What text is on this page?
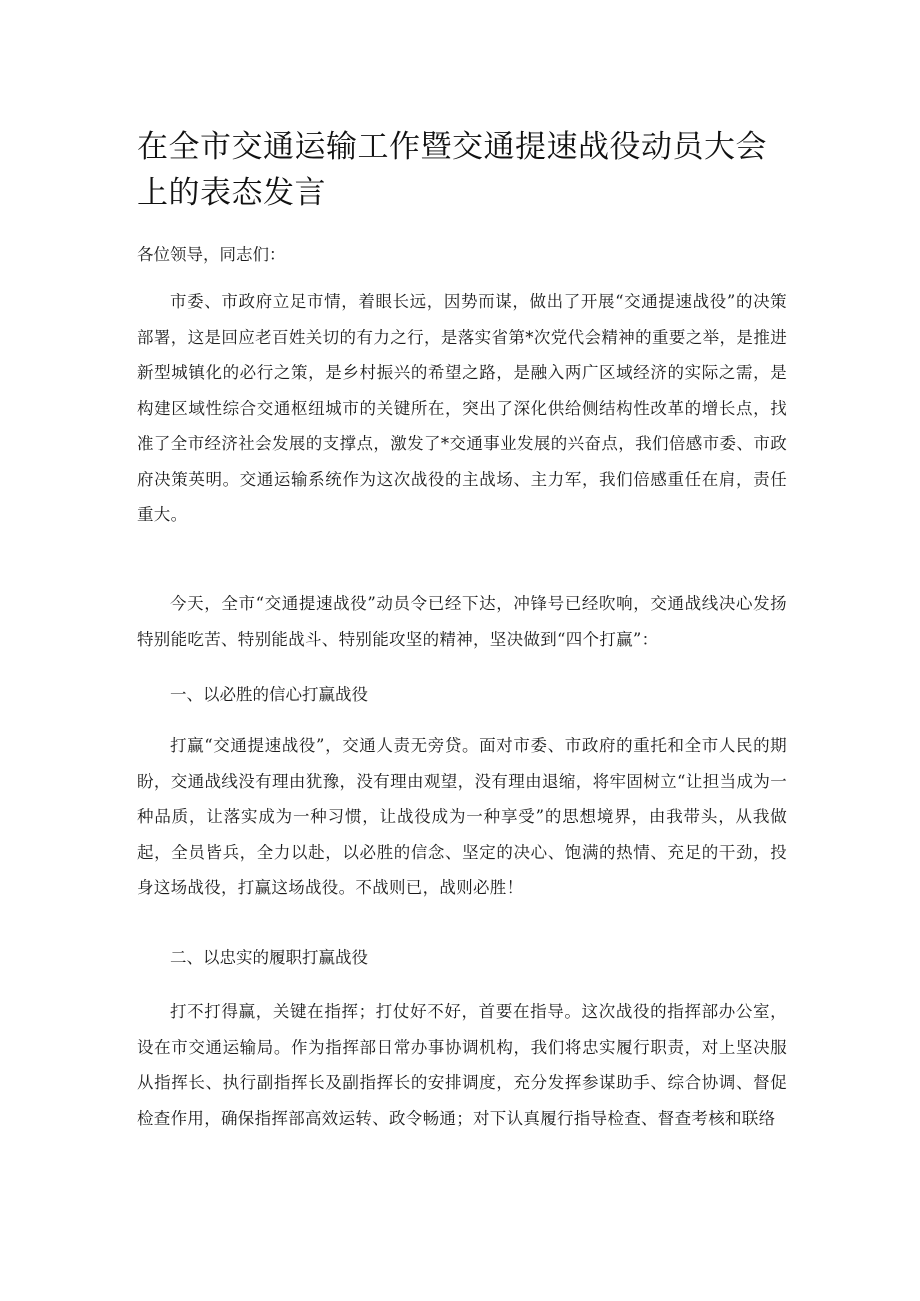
在全市交通运输工作暨交通提速战役动员大会上的表态发言

各位领导，同志们：

市委、市政府立足市情，着眼长远，因势而谋，做出了开展“交通提速战役”的决策部署，这是回应老百姓关切的有力之行，是落实省第*次党代会精神的重要之举，是推进新型城镇化的必行之策，是乡村振兴的希望之路，是融入两广区域经济的实际之需，是构建区域性综合交通枢纽城市的关键所在，突出了深化供给侧结构性改革的增长点，找准了全市经济社会发展的支撑点，激发了*交通事业发展的兴奋点，我们倍感市委、市政府决策英明。交通运输系统作为这次战役的主战场、主力军，我们倍感重任在肩，责任重大。

今天，全市“交通提速战役”动员令已经下达，冲锋号已经吹响，交通战线决心发扬特别能吃苦、特别能战斗、特别能攻坚的精神，坚决做到“四个打赢”：

一、以必胜的信心打赢战役

打赢“交通提速战役”，交通人责无旁贷。面对市委、市政府的重托和全市人民的期盼，交通战线没有理由犹豫，没有理由观望，没有理由退缩，将牢固树立“让担当成为一种品质，让落实成为一种习惯，让战役成为一种享受”的思想境界，由我带头，从我做起，全员皆兵，全力以赴，以必胜的信念、坚定的决心、饱满的热情、充足的干劲，投身这场战役，打赢这场战役。不战则已，战则必胜！

二、以忠实的履职打赢战役

打不打得赢，关键在指挥；打仗好不好，首要在指导。这次战役的指挥部办公室，设在市交通运输局。作为指挥部日常办事协调机构，我们将忠实履行职责，对上坚决服从指挥长、执行副指挥长及副指挥长的安排调度，充分发挥参谋助手、综合协调、督促检查作用，确保指挥部高效运转、政令畅通；对下认真履行指导检查、督查考核和联络
